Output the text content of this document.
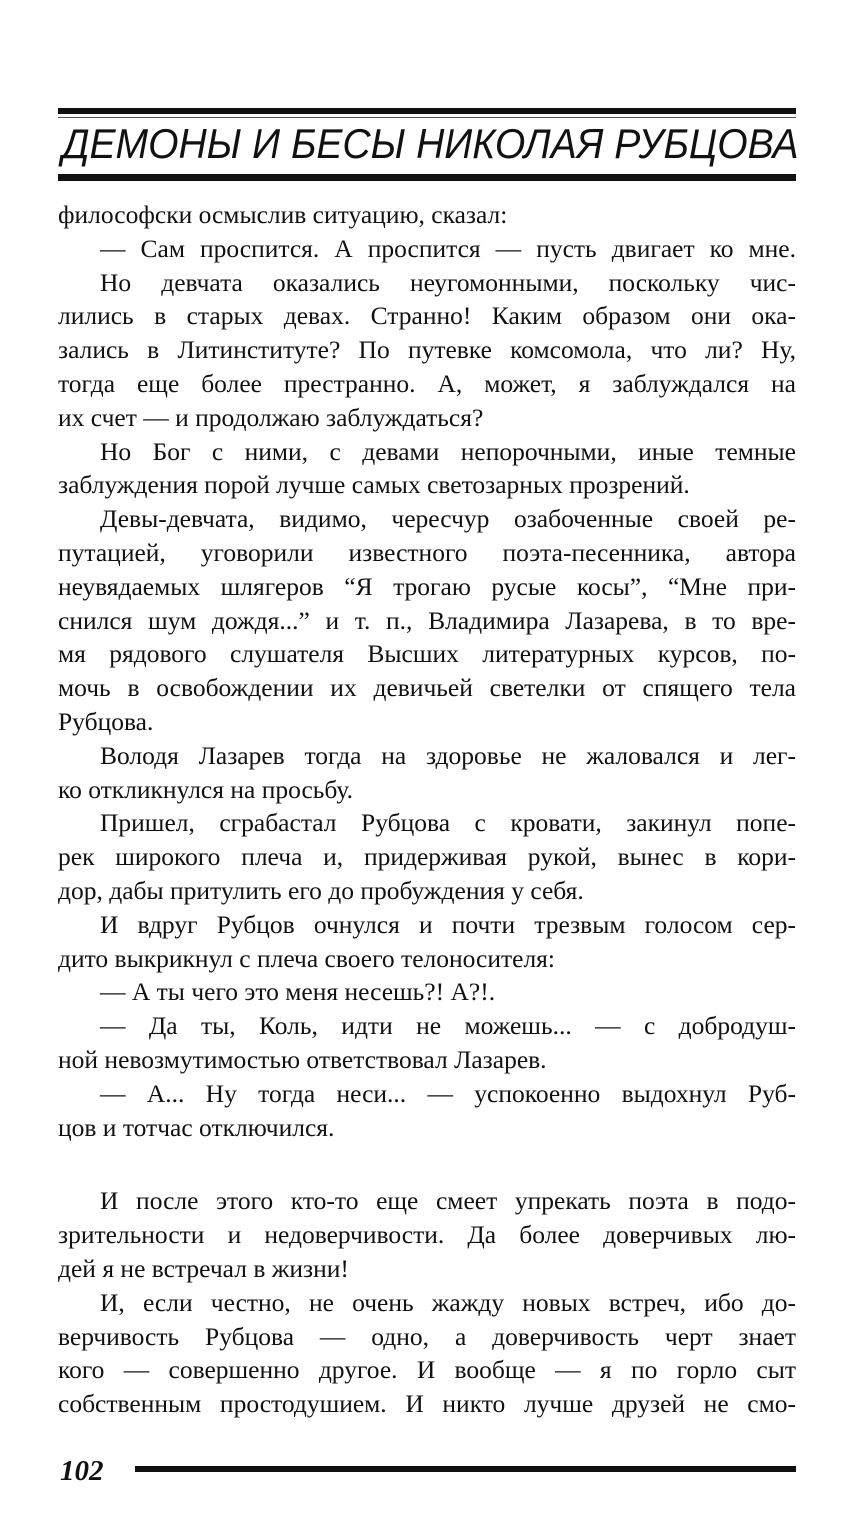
ДЕМОНЫ И БЕСЫ НИКОЛАЯ РУБЦОВА
философски осмыслив ситуацию, сказал:
— Сам проспится. А проспится — пусть двигает ко мне.
Но девчата оказались неугомонными, поскольку чис-
лились в старых девах. Странно! Каким образом они ока-
зались в Литинституте? По путевке комсомола, что ли? Ну,
тогда еще более престранно. А, может, я заблуждался на
их счет — и продолжаю заблуждаться?
Но Бог с ними, с девами непорочными, иные темные
заблуждения порой лучше самых светозарных прозрений.
Девы-девчата, видимо, чересчур озабоченные своей ре-
путацией, уговорили известного поэта-песенника, автора
неувядаемых шлягеров “Я трогаю русые косы”, “Мне при-
снился шум дождя...” и т. п., Владимира Лазарева, в то вре-
мя рядового слушателя Высших литературных курсов, по-
мочь в освобождении их девичьей светелки от спящего тела
Рубцова.
Володя Лазарев тогда на здоровье не жаловался и лег-
ко откликнулся на просьбу.
Пришел, сграбастал Рубцова с кровати, закинул попе-
рек широкого плеча и, придерживая рукой, вынес в кори-
дор, дабы притулить его до пробуждения у себя.
И вдруг Рубцов очнулся и почти трезвым голосом сер-
дито выкрикнул с плеча своего телоносителя:
— А ты чего это меня несешь?! А?!.
— Да ты, Коль, идти не можешь... — с добродуш-
ной невозмутимостью ответствовал Лазарев.
— А... Ну тогда неси... — успокоенно выдохнул Руб-
цов и тотчас отключился.
И после этого кто-то еще смеет упрекать поэта в подо-
зрительности и недоверчивости. Да более доверчивых лю-
дей я не встречал в жизни!
И, если честно, не очень жажду новых встреч, ибо до-
верчивость Рубцова — одно, а доверчивость черт знает
кого — совершенно другое. И вообще — я по горло сыт
собственным простодушием. И никто лучше друзей не смо-
102
